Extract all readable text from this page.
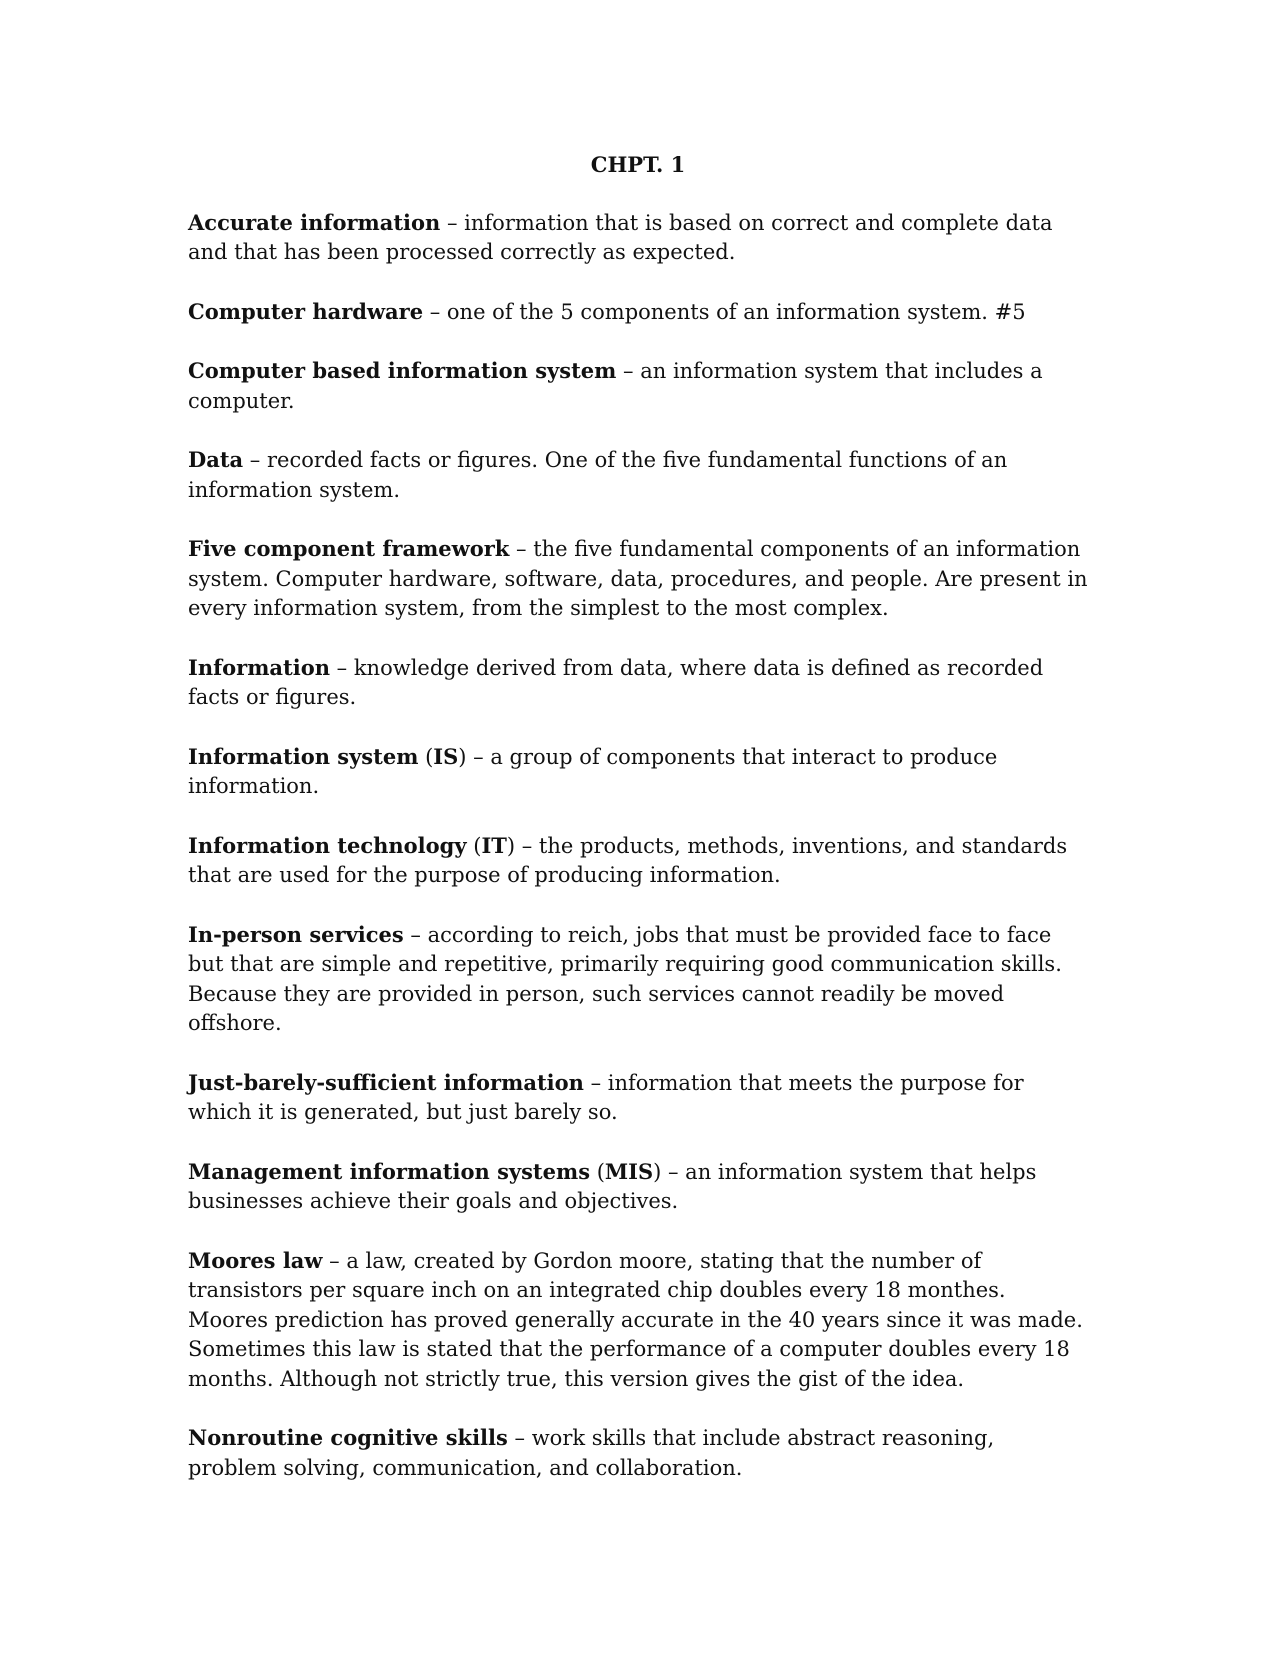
CHPT. 1

Accurate information – information that is based on correct and complete data and that has been processed correctly as expected.

Computer hardware – one of the 5 components of an information system. #5

Computer based information system – an information system that includes a computer.

Data – recorded facts or figures. One of the five fundamental functions of an information system.

Five component framework – the five fundamental components of an information system. Computer hardware, software, data, procedures, and people. Are present in every information system, from the simplest to the most complex.

Information – knowledge derived from data, where data is defined as recorded facts or figures.

Information system (IS) – a group of components that interact to produce information.

Information technology (IT) – the products, methods, inventions, and standards that are used for the purpose of producing information.

In-person services – according to reich, jobs that must be provided face to face but that are simple and repetitive, primarily requiring good communication skills. Because they are provided in person, such services cannot readily be moved offshore.

Just-barely-sufficient information – information that meets the purpose for which it is generated, but just barely so.

Management information systems (MIS) – an information system that helps businesses achieve their goals and objectives.

Moores law – a law, created by Gordon moore, stating that the number of transistors per square inch on an integrated chip doubles every 18 monthes. Moores prediction has proved generally accurate in the 40 years since it was made. Sometimes this law is stated that the performance of a computer doubles every 18 months. Although not strictly true, this version gives the gist of the idea.

Nonroutine cognitive skills – work skills that include abstract reasoning, problem solving, communication, and collaboration.
